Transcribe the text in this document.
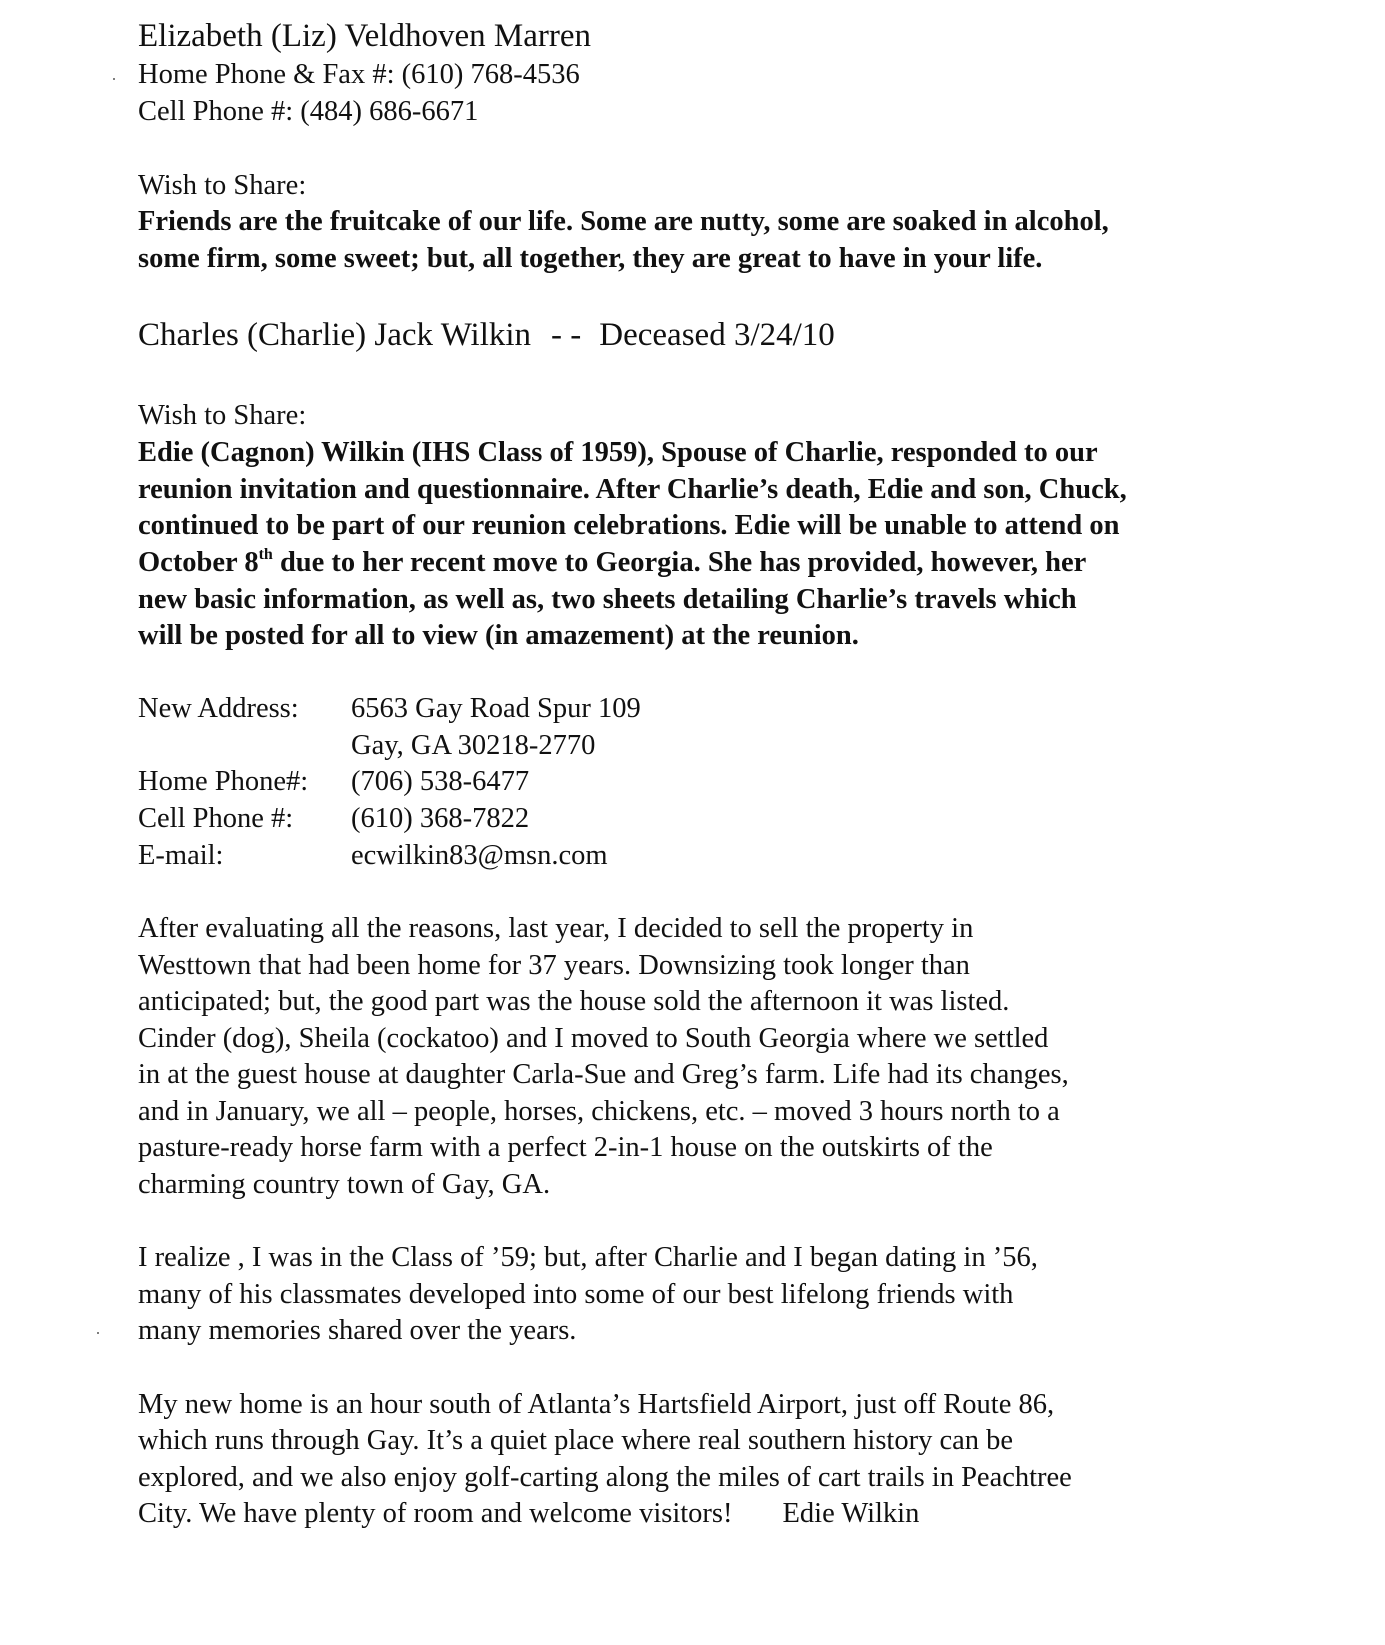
Elizabeth (Liz) Veldhoven Marren
Home Phone & Fax #: (610) 768-4536
Cell Phone #: (484) 686-6671
Wish to Share:
Friends are the fruitcake of our life. Some are nutty, some are soaked in alcohol,
some firm, some sweet; but, all together, they are great to have in your life.
Charles (Charlie) Jack Wilkin - - Deceased 3/24/10
Wish to Share:
Edie (Cagnon) Wilkin (IHS Class of 1959), Spouse of Charlie, responded to our
reunion invitation and questionnaire. After Charlie’s death, Edie and son, Chuck,
continued to be part of our reunion celebrations. Edie will be unable to attend on
October 8th due to her recent move to Georgia. She has provided, however, her
new basic information, as well as, two sheets detailing Charlie’s travels which
will be posted for all to view (in amazement) at the reunion.
New Address: 6563 Gay Road Spur 109
Gay, GA 30218-2770
Home Phone#: (706) 538-6477
Cell Phone #: (610) 368-7822
E-mail:	ecwilkin83@msn.com
After evaluating all the reasons, last year, I decided to sell the property in
Westtown that had been home for 37 years. Downsizing took longer than
anticipated; but, the good part was the house sold the afternoon it was listed.
Cinder (dog), Sheila (cockatoo) and I moved to South Georgia where we settled
in at the guest house at daughter Carla-Sue and Greg’s farm. Life had its changes,
and in January, we all – people, horses, chickens, etc. – moved 3 hours north to a
pasture-ready horse farm with a perfect 2-in-1 house on the outskirts of the
charming country town of Gay, GA.
I realize , I was in the Class of ’59; but, after Charlie and I began dating in ’56,
many of his classmates developed into some of our best lifelong friends with
many memories shared over the years.
My new home is an hour south of Atlanta’s Hartsfield Airport, just off Route 86,
which runs through Gay. It’s a quiet place where real southern history can be
explored, and we also enjoy golf-carting along the miles of cart trails in Peachtree
City. We have plenty of room and welcome visitors! Edie Wilkin
